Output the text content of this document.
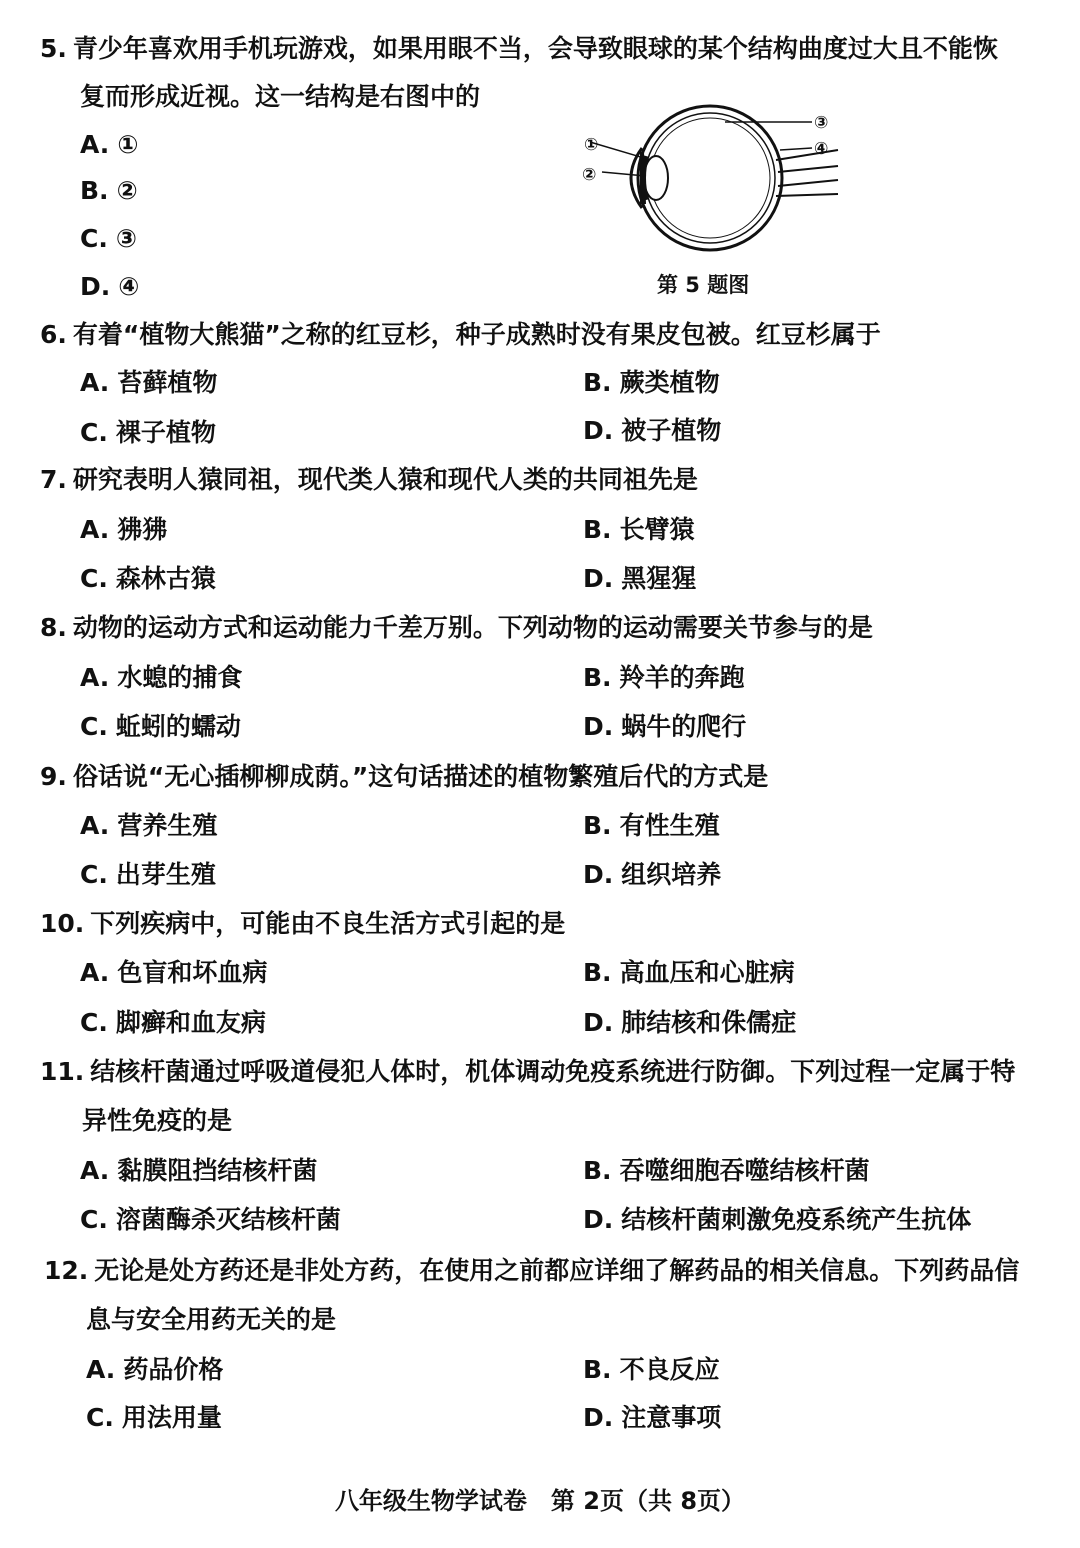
5. 青少年喜欢用手机玩游戏，如果用眼不当，会导致眼球的某个结构曲度过大且不能恢
复而形成近视。这一结构是右图中的
A. ①
B. ②
C. ③
D. ④
①
②
③
④
第 5 题图
6. 有着“植物大熊猫”之称的红豆杉，种子成熟时没有果皮包被。红豆杉属于
A. 苔藓植物	B. 蕨类植物
C. 裸子植物	D. 被子植物
7. 研究表明人猿同祖，现代类人猿和现代人类的共同祖先是
A. 狒狒	B. 长臂猿
C. 森林古猿	D. 黑猩猩
8. 动物的运动方式和运动能力千差万别。下列动物的运动需要关节参与的是
A. 水螅的捕食	B. 羚羊的奔跑
C. 蚯蚓的蠕动	D. 蜗牛的爬行
9. 俗话说“无心插柳柳成荫。”这句话描述的植物繁殖后代的方式是
A. 营养生殖	B. 有性生殖
C. 出芽生殖	D. 组织培养
10. 下列疾病中，可能由不良生活方式引起的是
A. 色盲和坏血病	B. 高血压和心脏病
C. 脚癣和血友病	D. 肺结核和侏儒症
11. 结核杆菌通过呼吸道侵犯人体时，机体调动免疫系统进行防御。下列过程一定属于特
异性免疫的是
A. 黏膜阻挡结核杆菌	B. 吞噬细胞吞噬结核杆菌
C. 溶菌酶杀灭结核杆菌	D. 结核杆菌刺激免疫系统产生抗体
12. 无论是处方药还是非处方药，在使用之前都应详细了解药品的相关信息。下列药品信
息与安全用药无关的是
A. 药品价格	B. 不良反应
C. 用法用量	D. 注意事项
八年级生物学试卷　第 2页（共 8页）
